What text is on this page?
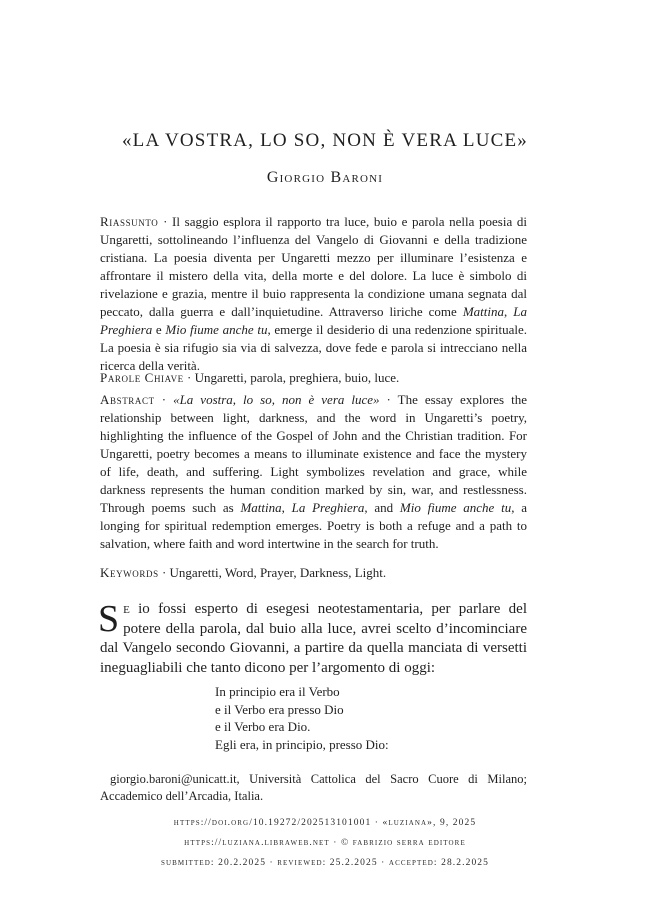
«LA VOSTRA, LO SO, NON È VERA LUCE»
Giorgio Baroni
Riassunto · Il saggio esplora il rapporto tra luce, buio e parola nella poesia di Ungaretti, sottolineando l’influenza del Vangelo di Giovanni e della tradizione cristiana. La poesia diventa per Ungaretti mezzo per illuminare l’esistenza e affrontare il mistero della vita, della morte e del dolore. La luce è simbolo di rivelazione e grazia, mentre il buio rappresenta la condizione umana segnata dal peccato, dalla guerra e dall’inquietudine. Attraverso liriche come Mattina, La Preghiera e Mio fiume anche tu, emerge il desiderio di una redenzione spirituale. La poesia è sia rifugio sia via di salvezza, dove fede e parola si intrecciano nella ricerca della verità.
Parole Chiave · Ungaretti, parola, preghiera, buio, luce.
Abstract · «La vostra, lo so, non è vera luce» · The essay explores the relationship between light, darkness, and the word in Ungaretti’s poetry, highlighting the influence of the Gospel of John and the Christian tradition. For Ungaretti, poetry becomes a means to illuminate existence and face the mystery of life, death, and suffering. Light symbolizes revelation and grace, while darkness represents the human condition marked by sin, war, and restlessness. Through poems such as Mattina, La Preghiera, and Mio fiume anche tu, a longing for spiritual redemption emerges. Poetry is both a refuge and a path to salvation, where faith and word intertwine in the search for truth.
Keywords · Ungaretti, Word, Prayer, Darkness, Light.
Se io fossi esperto di esegesi neotestamentaria, per parlare del potere della parola, dal buio alla luce, avrei scelto d’incominciare dal Vangelo secondo Giovanni, a partire da quella manciata di versetti ineguagliabili che tanto dicono per l’argomento di oggi:
In principio era il Verbo
e il Verbo era presso Dio
e il Verbo era Dio.
Egli era, in principio, presso Dio:
giorgio.baroni@unicatt.it, Università Cattolica del Sacro Cuore di Milano; Accademico dell’Arcadia, Italia.
https://doi.org/10.19272/202513101001 · «luziana», 9, 2025
https://luziana.libraweb.net · © fabrizio serra editore
submitted: 20.2.2025 · reviewed: 25.2.2025 · accepted: 28.2.2025
